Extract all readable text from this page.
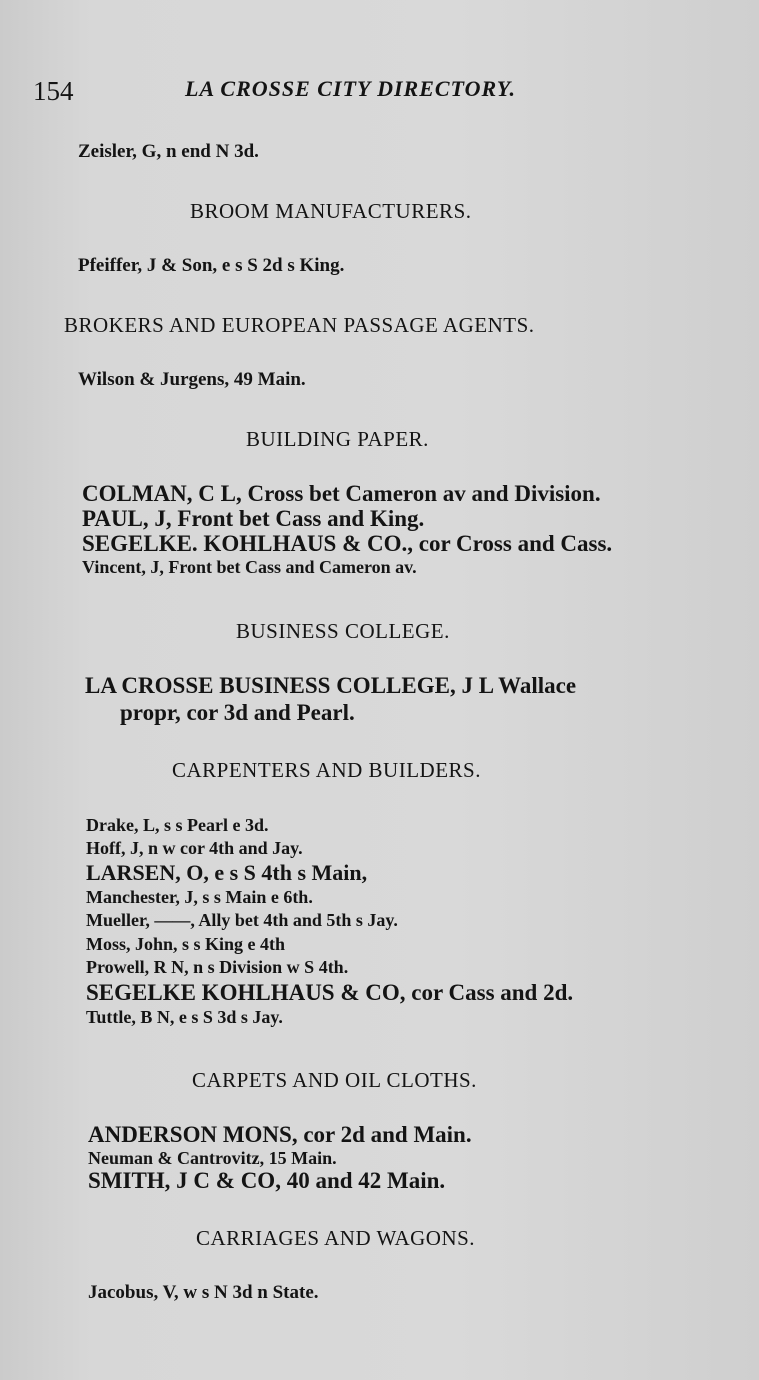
154	LA CROSSE CITY DIRECTORY.
Zeisler, G, n end N 3d.
BROOM MANUFACTURERS.
Pfeiffer, J & Son, e s S 2d s King.
BROKERS AND EUROPEAN PASSAGE AGENTS.
Wilson & Jurgens, 49 Main.
BUILDING PAPER.
COLMAN, C L, Cross bet Cameron av and Division.
PAUL, J, Front bet Cass and King.
SEGELKE. KOHLHAUS & CO., cor Cross and Cass.
Vincent, J, Front bet Cass and Cameron av.
BUSINESS COLLEGE.
LA CROSSE BUSINESS COLLEGE, J L Wallace
propr, cor 3d and Pearl.
CARPENTERS AND BUILDERS.
Drake, L, s s Pearl e 3d.
Hoff, J, n w cor 4th and Jay.
LARSEN, O, e s S 4th s Main,
Manchester, J, s s Main e 6th.
Mueller, ——, Ally bet 4th and 5th s Jay.
Moss, John, s s King e 4th
Prowell, R N, n s Division w S 4th.
SEGELKE KOHLHAUS & CO, cor Cass and 2d.
Tuttle, B N, e s S 3d s Jay.
CARPETS AND OIL CLOTHS.
ANDERSON MONS, cor 2d and Main.
Neuman & Cantrovitz, 15 Main.
SMITH, J C & CO, 40 and 42 Main.
CARRIAGES AND WAGONS.
Jacobus, V, w s N 3d n State.
